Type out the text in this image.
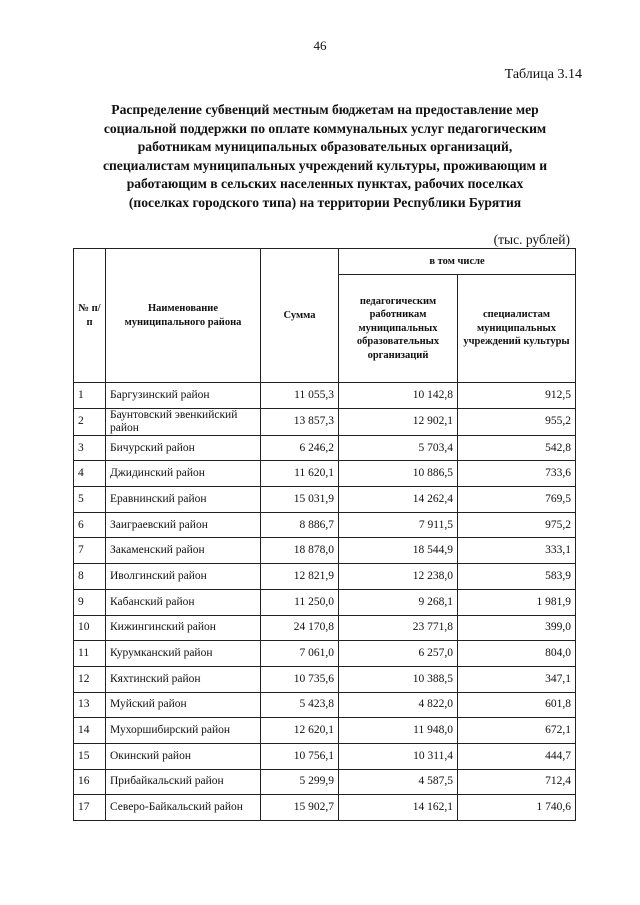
46
Таблица 3.14
Распределение субвенций местным бюджетам на предоставление мер
социальной поддержки по оплате коммунальных услуг педагогическим
работникам муниципальных образовательных организаций,
специалистам муниципальных учреждений культуры, проживающим и
работающим в сельских населенных пунктах, рабочих поселках
(поселках городского типа) на территории Республики Бурятия
(тыс. рублей)
№ п/п	Наименование муниципального района	Сумма	в том числе	
			педагогическим работникам муниципальных образовательных организаций	специалистам муниципальных учреждений культуры
1	Баргузинский район	11 055,3	10 142,8	912,5
2	Баунтовский эвенкийский район	13 857,3	12 902,1	955,2
3	Бичурский район	6 246,2	5 703,4	542,8
4	Джидинский район	11 620,1	10 886,5	733,6
5	Еравнинский район	15 031,9	14 262,4	769,5
6	Заиграевский район	8 886,7	7 911,5	975,2
7	Закаменский район	18 878,0	18 544,9	333,1
8	Иволгинский район	12 821,9	12 238,0	583,9
9	Кабанский район	11 250,0	9 268,1	1 981,9
10	Кижингинский район	24 170,8	23 771,8	399,0
11	Курумканский район	7 061,0	6 257,0	804,0
12	Кяхтинский район	10 735,6	10 388,5	347,1
13	Муйский район	5 423,8	4 822,0	601,8
14	Мухоршибирский район	12 620,1	11 948,0	672,1
15	Окинский район	10 756,1	10 311,4	444,7
16	Прибайкальский район	5 299,9	4 587,5	712,4
17	Северо-Байкальский район	15 902,7	14 162,1	1 740,6
